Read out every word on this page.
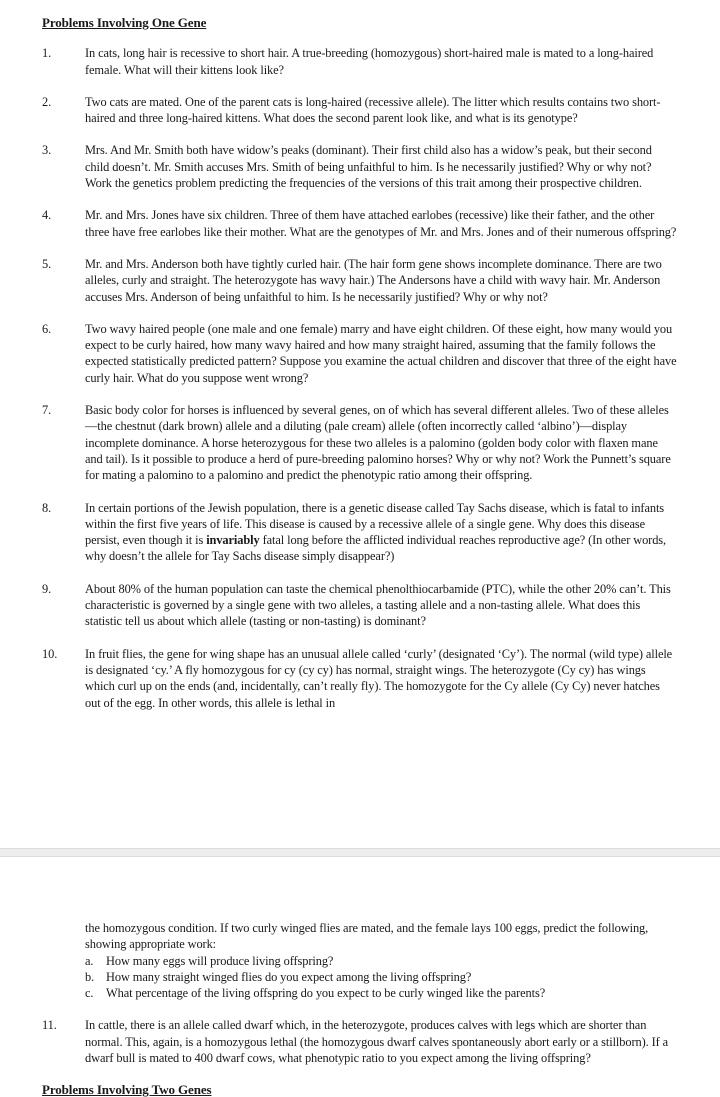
Problems Involving One Gene
1.	In cats, long hair is recessive to short hair. A true-breeding (homozygous) short-haired male is mated to a long-haired female. What will their kittens look like?
2.	Two cats are mated. One of the parent cats is long-haired (recessive allele). The litter which results contains two short-haired and three long-haired kittens. What does the second parent look like, and what is its genotype?
3.	Mrs. And Mr. Smith both have widow’s peaks (dominant). Their first child also has a widow’s peak, but their second child doesn’t. Mr. Smith accuses Mrs. Smith of being unfaithful to him. Is he necessarily justified? Why or why not? Work the genetics problem predicting the frequencies of the versions of this trait among their prospective children.
4.	Mr. and Mrs. Jones have six children. Three of them have attached earlobes (recessive) like their father, and the other three have free earlobes like their mother. What are the genotypes of Mr. and Mrs. Jones and of their numerous offspring?
5.	Mr. and Mrs. Anderson both have tightly curled hair. (The hair form gene shows incomplete dominance. There are two alleles, curly and straight. The heterozygote has wavy hair.) The Andersons have a child with wavy hair. Mr. Anderson accuses Mrs. Anderson of being unfaithful to him. Is he necessarily justified? Why or why not?
6.	Two wavy haired people (one male and one female) marry and have eight children. Of these eight, how many would you expect to be curly haired, how many wavy haired and how many straight haired, assuming that the family follows the expected statistically predicted pattern? Suppose you examine the actual children and discover that three of the eight have curly hair. What do you suppose went wrong?
7.	Basic body color for horses is influenced by several genes, on of which has several different alleles. Two of these alleles—the chestnut (dark brown) allele and a diluting (pale cream) allele (often incorrectly called ‘albino’)—display incomplete dominance. A horse heterozygous for these two alleles is a palomino (golden body color with flaxen mane and tail). Is it possible to produce a herd of pure-breeding palomino horses? Why or why not? Work the Punnett’s square for mating a palomino to a palomino and predict the phenotypic ratio among their offspring.
8.	In certain portions of the Jewish population, there is a genetic disease called Tay Sachs disease, which is fatal to infants within the first five years of life. This disease is caused by a recessive allele of a single gene. Why does this disease persist, even though it is invariably fatal long before the afflicted individual reaches reproductive age? (In other words, why doesn’t the allele for Tay Sachs disease simply disappear?)
9.	About 80% of the human population can taste the chemical phenolthiocarbamide (PTC), while the other 20% can’t. This characteristic is governed by a single gene with two alleles, a tasting allele and a non-tasting allele. What does this statistic tell us about which allele (tasting or non-tasting) is dominant?
10.	In fruit flies, the gene for wing shape has an unusual allele called ‘curly’ (designated ‘Cy’). The normal (wild type) allele is designated ‘cy.’ A fly homozygous for cy (cy cy) has normal, straight wings. The heterozygote (Cy cy) has wings which curl up on the ends (and, incidentally, can’t really fly). The homozygote for the Cy allele (Cy Cy) never hatches out of the egg. In other words, this allele is lethal in
the homozygous condition. If two curly winged flies are mated, and the female lays 100 eggs, predict the following, showing appropriate work:
a.	How many eggs will produce living offspring?
b. How many straight winged flies do you expect among the living offspring?
c.	What percentage of the living offspring do you expect to be curly winged like the parents?
11.	In cattle, there is an allele called dwarf which, in the heterozygote, produces calves with legs which are shorter than normal. This, again, is a homozygous lethal (the homozygous dwarf calves spontaneously abort early or a stillborn). If a dwarf bull is mated to 400 dwarf cows, what phenotypic ratio to you expect among the living offspring?
Problems Involving Two Genes
